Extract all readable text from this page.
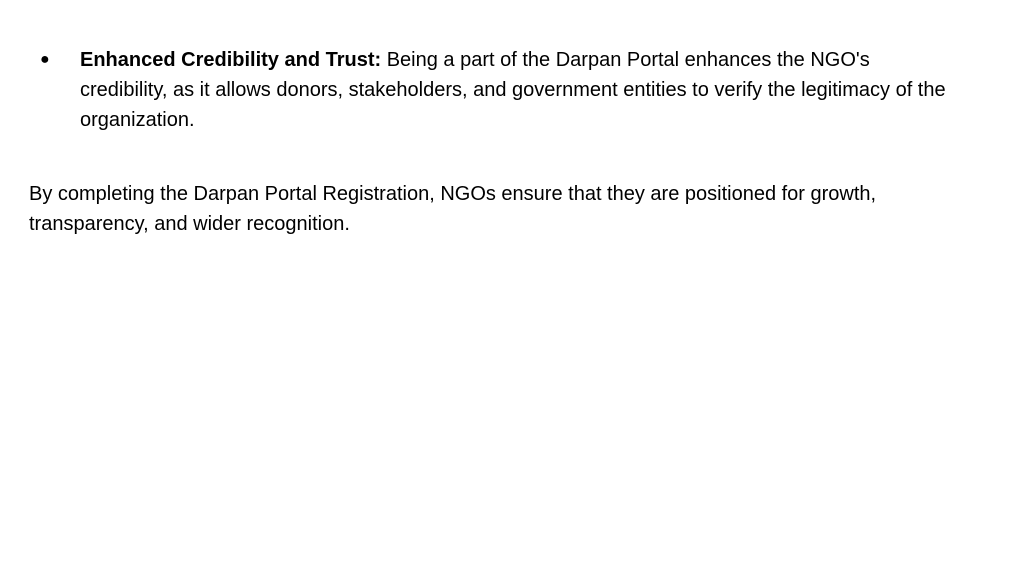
● Enhanced Credibility and Trust: Being a part of the Darpan Portal enhances the NGO's credibility, as it allows donors, stakeholders, and government entities to verify the legitimacy of the organization.

By completing the Darpan Portal Registration, NGOs ensure that they are positioned for growth, transparency, and wider recognition.
